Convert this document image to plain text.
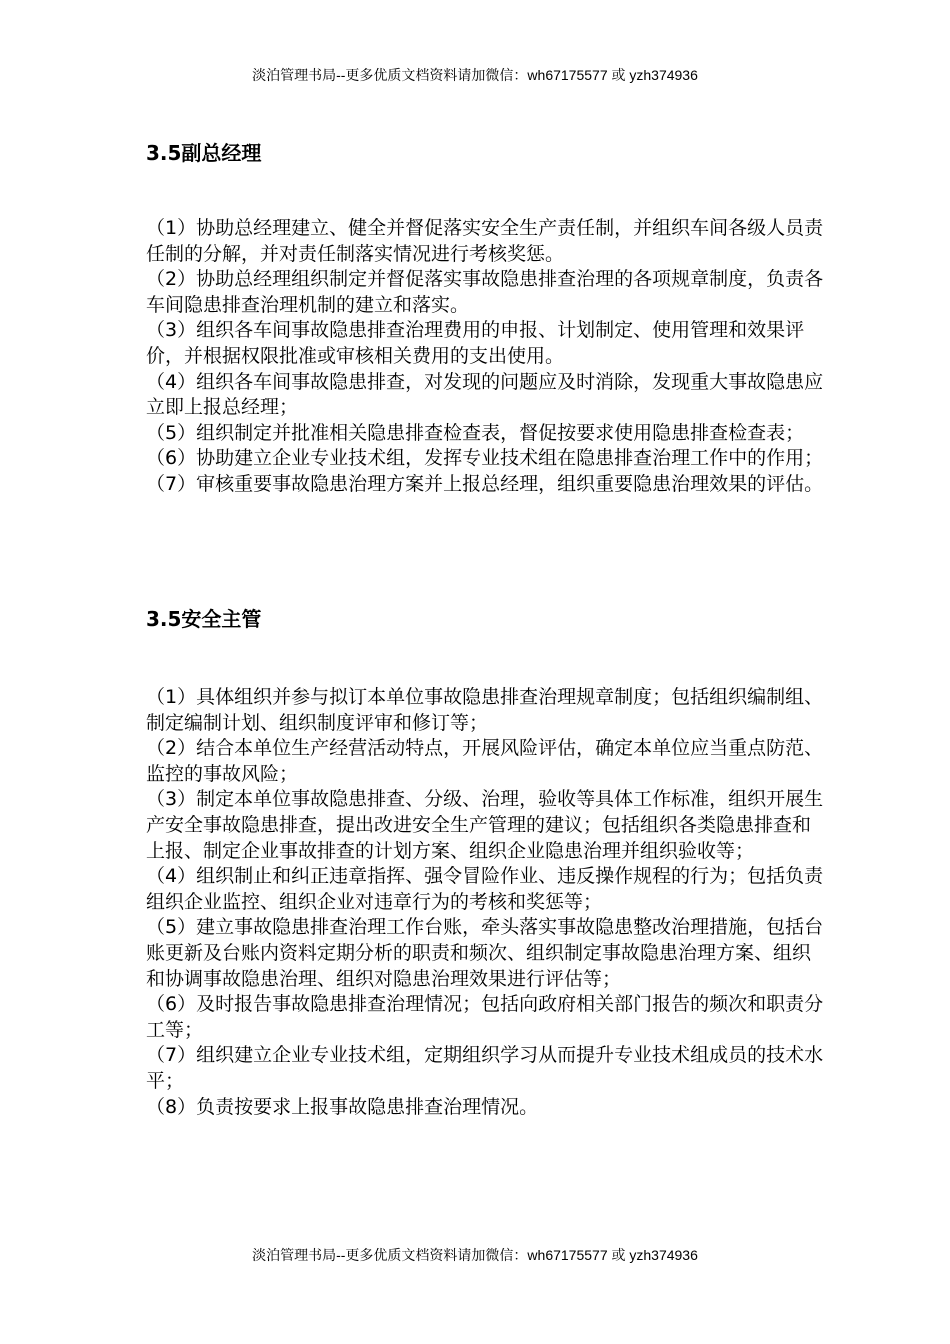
淡泊管理书局--更多优质文档资料请加微信：wh67175577 或 yzh374936
3.5副总经理
（1）协助总经理建立、健全并督促落实安全生产责任制，并组织车间各级人员责任制的分解，并对责任制落实情况进行考核奖惩。
（2）协助总经理组织制定并督促落实事故隐患排查治理的各项规章制度，负责各车间隐患排查治理机制的建立和落实。
（3）组织各车间事故隐患排查治理费用的申报、计划制定、使用管理和效果评价，并根据权限批准或审核相关费用的支出使用。
（4）组织各车间事故隐患排查，对发现的问题应及时消除，发现重大事故隐患应立即上报总经理；
（5）组织制定并批准相关隐患排查检查表，督促按要求使用隐患排查检查表；
（6）协助建立企业专业技术组，发挥专业技术组在隐患排查治理工作中的作用；
（7）审核重要事故隐患治理方案并上报总经理，组织重要隐患治理效果的评估。
3.5安全主管
（1）具体组织并参与拟订本单位事故隐患排查治理规章制度；包括组织编制组、制定编制计划、组织制度评审和修订等；
（2）结合本单位生产经营活动特点，开展风险评估，确定本单位应当重点防范、监控的事故风险；
（3）制定本单位事故隐患排查、分级、治理，验收等具体工作标准，组织开展生产安全事故隐患排查，提出改进安全生产管理的建议；包括组织各类隐患排查和上报、制定企业事故排查的计划方案、组织企业隐患治理并组织验收等；
（4）组织制止和纠正违章指挥、强令冒险作业、违反操作规程的行为；包括负责组织企业监控、组织企业对违章行为的考核和奖惩等；
（5）建立事故隐患排查治理工作台账，牵头落实事故隐患整改治理措施，包括台账更新及台账内资料定期分析的职责和频次、组织制定事故隐患治理方案、组织和协调事故隐患治理、组织对隐患治理效果进行评估等；
（6）及时报告事故隐患排查治理情况；包括向政府相关部门报告的频次和职责分工等；
（7）组织建立企业专业技术组，定期组织学习从而提升专业技术组成员的技术水平；
（8）负责按要求上报事故隐患排查治理情况。
淡泊管理书局--更多优质文档资料请加微信：wh67175577 或 yzh374936
